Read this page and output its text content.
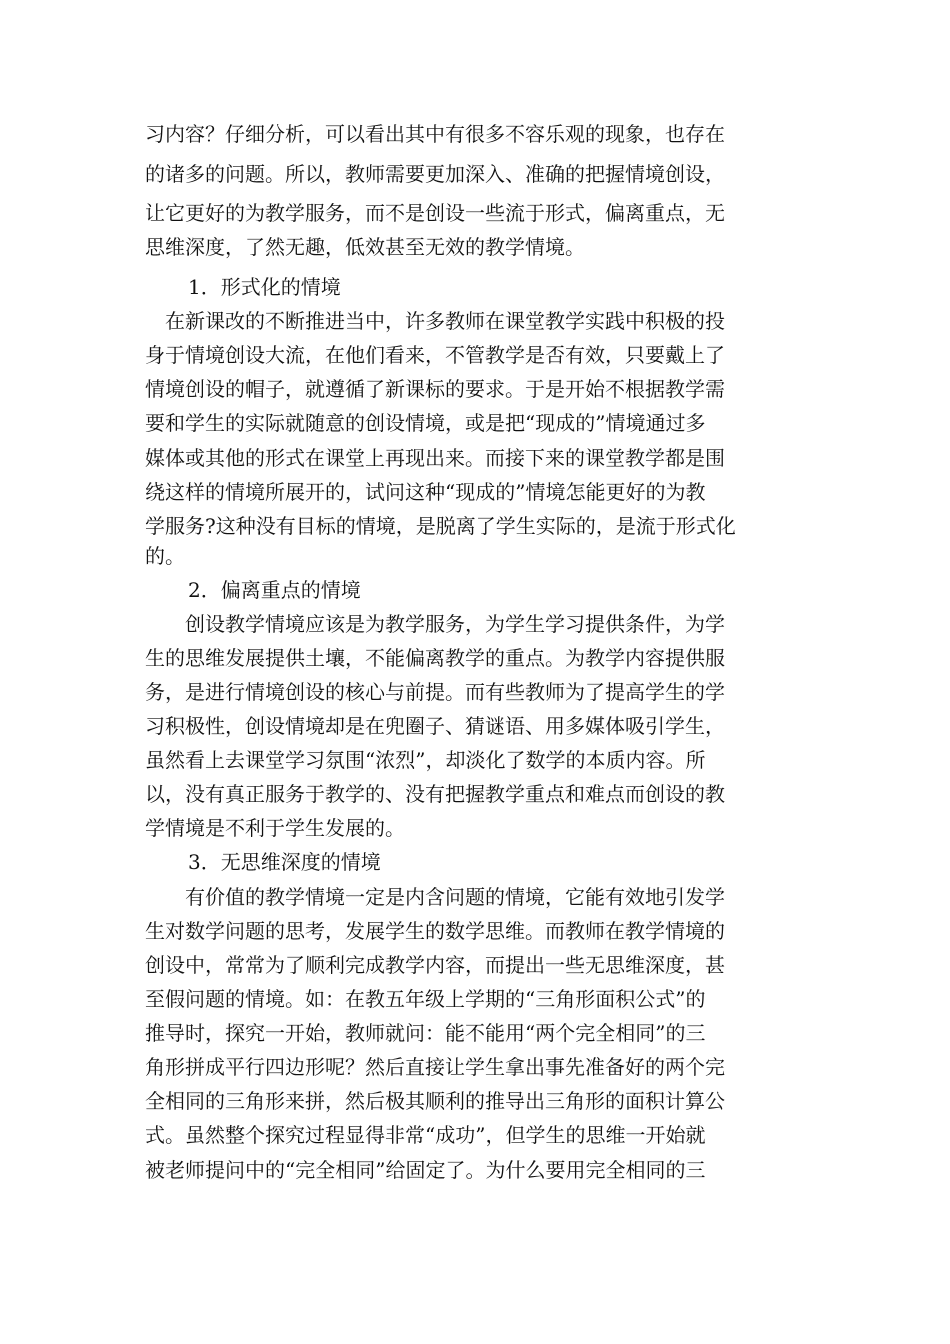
习内容？仔细分析，可以看出其中有很多不容乐观的现象，也存在
的诸多的问题。所以，教师需要更加深入、准确的把握情境创设，
让它更好的为教学服务，而不是创设一些流于形式，偏离重点，无
思维深度，了然无趣，低效甚至无效的教学情境。
1．形式化的情境
　在新课改的不断推进当中，许多教师在课堂教学实践中积极的投
身于情境创设大流，在他们看来，不管教学是否有效，只要戴上了
情境创设的帽子，就遵循了新课标的要求。于是开始不根据教学需
要和学生的实际就随意的创设情境，或是把“现成的”情境通过多
媒体或其他的形式在课堂上再现出来。而接下来的课堂教学都是围
绕这样的情境所展开的，试问这种“现成的”情境怎能更好的为教
学服务?这种没有目标的情境，是脱离了学生实际的，是流于形式化
的。
2．偏离重点的情境
　　创设教学情境应该是为教学服务，为学生学习提供条件，为学
生的思维发展提供土壤，不能偏离教学的重点。为教学内容提供服
务，是进行情境创设的核心与前提。而有些教师为了提高学生的学
习积极性，创设情境却是在兜圈子、猜谜语、用多媒体吸引学生，
虽然看上去课堂学习氛围“浓烈”，却淡化了数学的本质内容。所
以，没有真正服务于教学的、没有把握教学重点和难点而创设的教
学情境是不利于学生发展的。
3．无思维深度的情境
　　有价值的教学情境一定是内含问题的情境，它能有效地引发学
生对数学问题的思考，发展学生的数学思维。而教师在教学情境的
创设中，常常为了顺利完成教学内容，而提出一些无思维深度，甚
至假问题的情境。如：在教五年级上学期的“三角形面积公式”的
推导时，探究一开始，教师就问：能不能用“两个完全相同”的三
角形拼成平行四边形呢？然后直接让学生拿出事先准备好的两个完
全相同的三角形来拼，然后极其顺利的推导出三角形的面积计算公
式。虽然整个探究过程显得非常“成功”，但学生的思维一开始就
被老师提问中的“完全相同”给固定了。为什么要用完全相同的三
